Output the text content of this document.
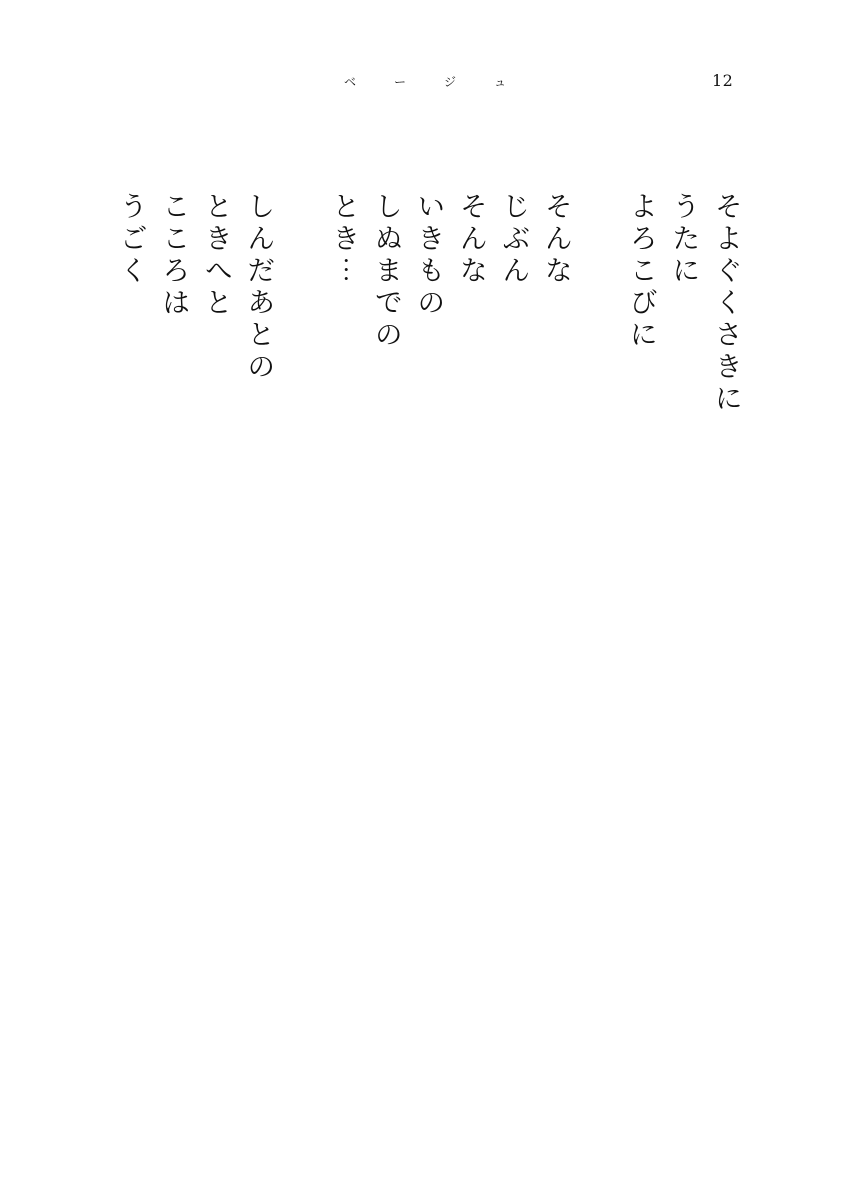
ベ	ー	ジ	ュ	12
そ
よ
ぐ
く
さ
き
に
う
た
に
よ
ろ
こ
び
に
そ
ん
な
じ
ぶ
ん
そ
ん
な
い
き
も
の
し
ぬ
ま
で
の
と
き
︙
し
ん
だ
あ
と
の
と
き
へ
と
こ
こ
ろ
は
う
ご
く
